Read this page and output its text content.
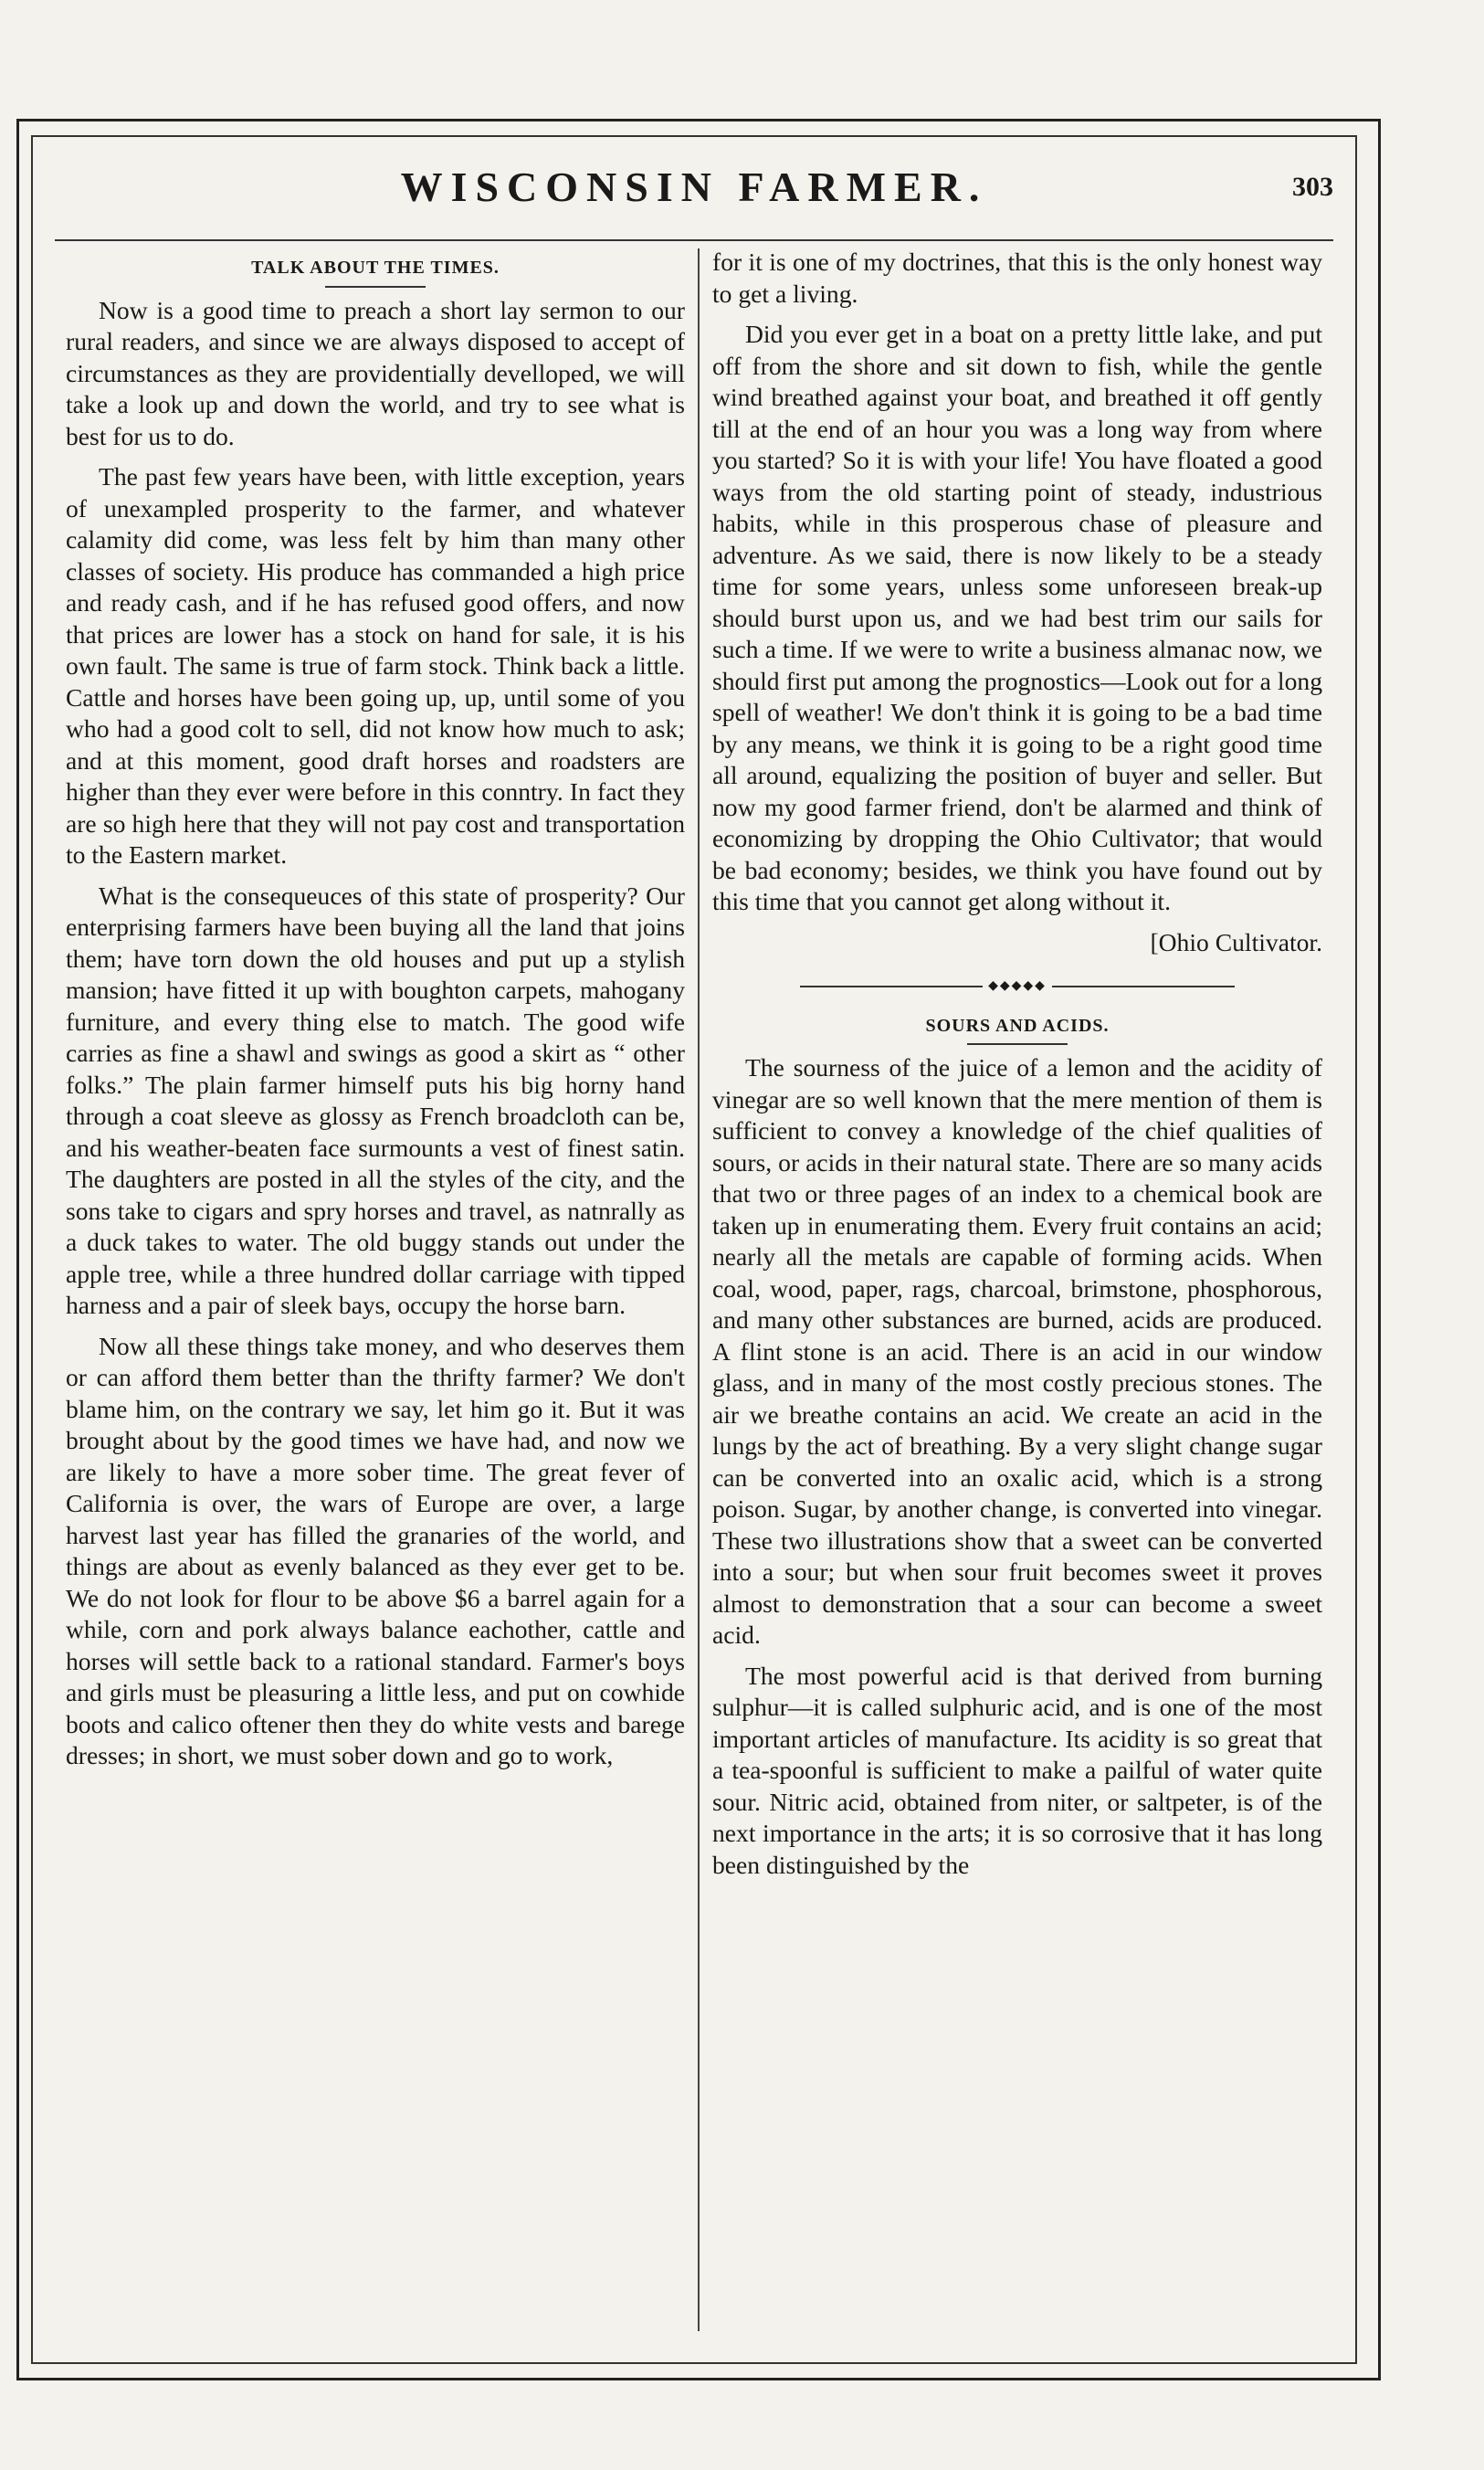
WISCONSIN FARMER.	303
TALK ABOUT THE TIMES.

Now is a good time to preach a short lay sermon to our rural readers, and since we are always disposed to accept of circumstances as they are providentially develloped, we will take a look up and down the world, and try to see what is best for us to do.

The past few years have been, with little exception, years of unexampled prosperity to the farmer, and whatever calamity did come, was less felt by him than many other classes of society. His produce has commanded a high price and ready cash, and if he has refused good offers, and now that prices are lower has a stock on hand for sale, it is his own fault. The same is true of farm stock. Think back a little. Cattle and horses have been going up, up, until some of you who had a good colt to sell, did not know how much to ask; and at this moment, good draft horses and roadsters are higher than they ever were before in this conntry. In fact they are so high here that they will not pay cost and transportation to the Eastern market.

What is the consequeuces of this state of prosperity? Our enterprising farmers have been buying all the land that joins them; have torn down the old houses and put up a stylish mansion; have fitted it up with boughton carpets, mahogany furniture, and every thing else to match. The good wife carries as fine a shawl and swings as good a skirt as “ other folks.” The plain farmer himself puts his big horny hand through a coat sleeve as glossy as French broadcloth can be, and his weather-beaten face surmounts a vest of finest satin. The daughters are posted in all the styles of the city, and the sons take to cigars and spry horses and travel, as natnrally as a duck takes to water. The old buggy stands out under the apple tree, while a three hundred dollar carriage with tipped harness and a pair of sleek bays, occupy the horse barn.

Now all these things take money, and who deserves them or can afford them better than the thrifty farmer? We don't blame him, on the contrary we say, let him go it. But it was brought about by the good times we have had, and now we are likely to have a more sober time. The great fever of California is over, the wars of Europe are over, a large harvest last year has filled the granaries of the world, and things are about as evenly balanced as they ever get to be. We do not look for flour to be above $6 a barrel again for a while, corn and pork always balance eachother, cattle and horses will settle back to a rational standard. Farmer's boys and girls must be pleasuring a little less, and put on cowhide boots and calico oftener then they do white vests and barege dresses; in short, we must sober down and go to work,

for it is one of my doctrines, that this is the only honest way to get a living.

Did you ever get in a boat on a pretty little lake, and put off from the shore and sit down to fish, while the gentle wind breathed against your boat, and breathed it off gently till at the end of an hour you was a long way from where you started? So it is with your life! You have floated a good ways from the old starting point of steady, industrious habits, while in this prosperous chase of pleasure and adventure. As we said, there is now likely to be a steady time for some years, unless some unforeseen break-up should burst upon us, and we had best trim our sails for such a time. If we were to write a business almanac now, we should first put among the prognostics—Look out for a long spell of weather! We don't think it is going to be a bad time by any means, we think it is going to be a right good time all around, equalizing the position of buyer and seller. But now my good farmer friend, don't be alarmed and think of economizing by dropping the Ohio Cultivator; that would be bad economy; besides, we think you have found out by this time that you cannot get along without it.

[Ohio Cultivator.
◆◆◆◆◆
SOURS AND ACIDS.

The sourness of the juice of a lemon and the acidity of vinegar are so well known that the mere mention of them is sufficient to convey a knowledge of the chief qualities of sours, or acids in their natural state. There are so many acids that two or three pages of an index to a chemical book are taken up in enumerating them. Every fruit contains an acid; nearly all the metals are capable of forming acids. When coal, wood, paper, rags, charcoal, brimstone, phosphorous, and many other substances are burned, acids are produced. A flint stone is an acid. There is an acid in our window glass, and in many of the most costly precious stones. The air we breathe contains an acid. We create an acid in the lungs by the act of breathing. By a very slight change sugar can be converted into an oxalic acid, which is a strong poison. Sugar, by another change, is converted into vinegar. These two illustrations show that a sweet can be converted into a sour; but when sour fruit becomes sweet it proves almost to demonstration that a sour can become a sweet acid.

The most powerful acid is that derived from burning sulphur—it is called sulphuric acid, and is one of the most important articles of manufacture. Its acidity is so great that a tea-spoonful is sufficient to make a pailful of water quite sour. Nitric acid, obtained from niter, or saltpeter, is of the next importance in the arts; it is so corrosive that it has long been distinguished by the
